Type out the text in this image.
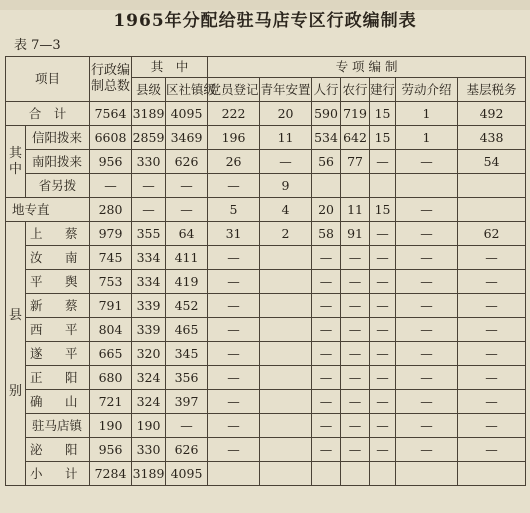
1965年分配给驻马店专区行政编制表
表 7—3
项目		行政编制总数	其　中		专 项 编 制						
			县级	区社镇级	党员登记	青年安置	人行	农行	建行	劳动介绍	基层税务
合　计		7564	3189	4095	222	20	590	719	15	1	492

其
中	信阳拨来	6608	2859	3469	196	11	534	642	15	1	438
	南阳拨来	956	330	626	26	—	56	77	—	—	54
	省另拨	—	—	—	—	9					
地专直		280	—	—	5	4	20	11	15	—	

县
别	上　蔡	979	355	64	31	2	58	91	—	—	62
	汝　南	745	334	411	—		—	—	—	—	—
	平　舆	753	334	419	—		—	—	—	—	—
	新　蔡	791	339	452	—		—	—	—	—	—
	西　平	804	339	465	—		—	—	—	—	—
	遂　平	665	320	345	—		—	—	—	—	—
	正　阳	680	324	356	—		—	—	—	—	—
	确　山	721	324	397	—		—	—	—	—	—
	驻马店镇	190	190	—	—		—	—	—	—	—
	泌　阳	956	330	626	—		—	—	—	—	—
	小　计	7284	3189	4095							
